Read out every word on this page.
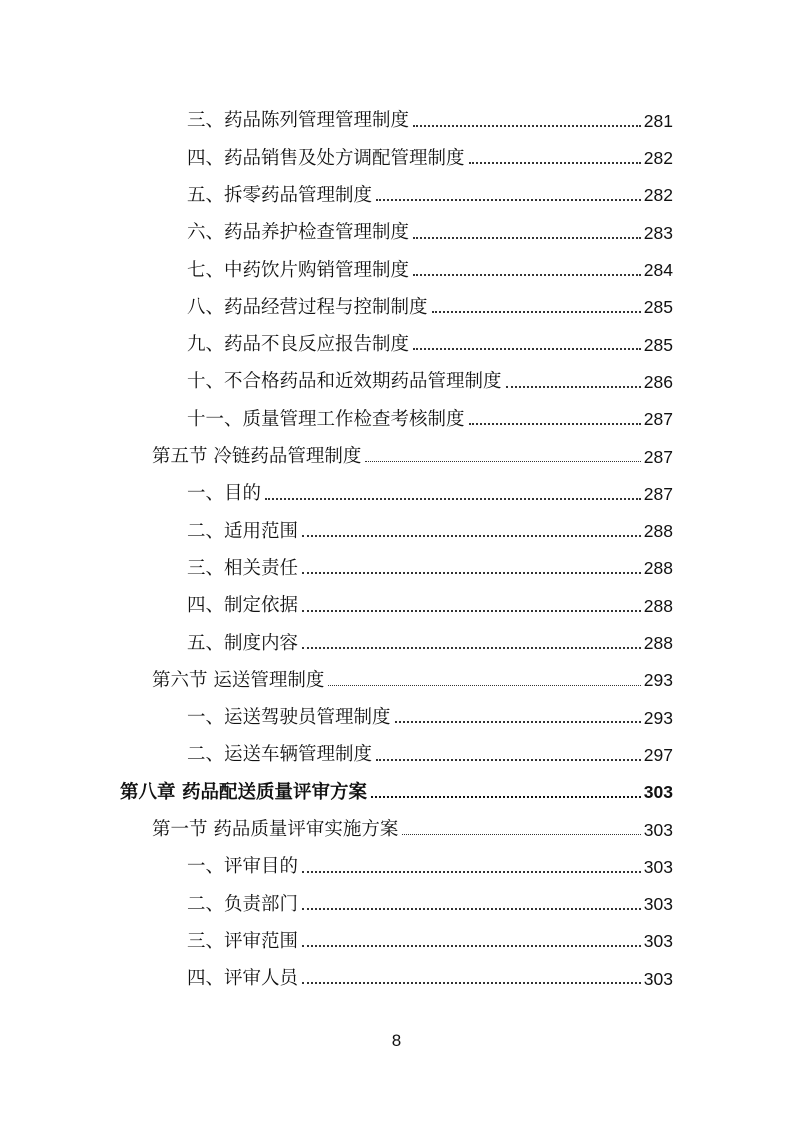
三、药品陈列管理管理制度	281
四、药品销售及处方调配管理制度	282
五、拆零药品管理制度	282
六、药品养护检查管理制度	283
七、中药饮片购销管理制度	284
八、药品经营过程与控制制度	285
九、药品不良反应报告制度	285
十、不合格药品和近效期药品管理制度	286
十一、质量管理工作检查考核制度	287
第五节 冷链药品管理制度	287
一、目的	287
二、适用范围	288
三、相关责任	288
四、制定依据	288
五、制度内容	288
第六节 运送管理制度	293
一、运送驾驶员管理制度	293
二、运送车辆管理制度	297
第八章 药品配送质量评审方案	303
第一节 药品质量评审实施方案	303
一、评审目的	303
二、负责部门	303
三、评审范围	303
四、评审人员	303
8
